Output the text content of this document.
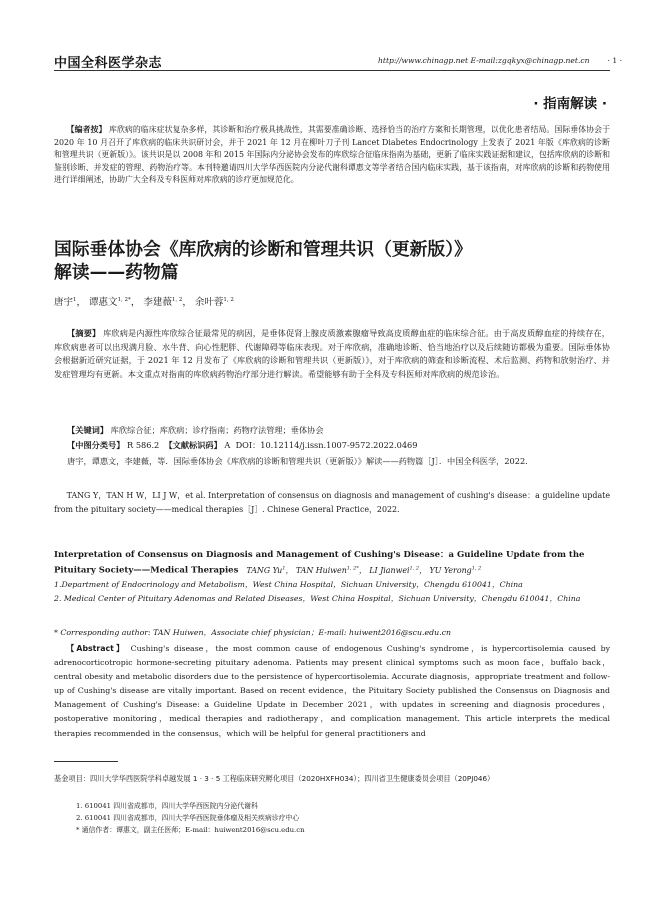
中国全科医学杂志	http://www.chinagp.net E-mail:zgqkyx@chinagp.net.cn · 1 ·
· 指南解读 ·
【编者按】 库欣病的临床症状复杂多样，其诊断和治疗极具挑战性，其需要准确诊断、选择恰当的治疗方案和长期管理，以优化患者结局。国际垂体协会于 2020 年 10 月召开了库欣病的临床共识研讨会，并于 2021 年 12 月在柳叶刀子刊 Lancet Diabetes Endocrinology 上发表了 2021 年版《库欣病的诊断和管理共识（更新版）》。该共识是以 2008 年和 2015 年国际内分泌协会发布的库欣综合征临床指南为基础，更新了临床实践证据和建议，包括库欣病的诊断和鉴别诊断、并发症的管理、药物治疗等。本刊特邀请四川大学华西医院内分泌代谢科谭惠文等学者结合国内临床实践，基于该指南，对库欣病的诊断和药物使用进行详细阐述，协助广大全科及专科医师对库欣病的诊疗更加规范化。
国际垂体协会《库欣病的诊断和管理共识（更新版）》
解读——药物篇
唐宇$^1$， 谭惠文$^{1, 2*}$， 李建薇$^{1, 2}$， 余叶蓉$^{1, 2}$
【摘要】 库欣病是内源性库欣综合征最常见的病因，是垂体促肾上腺皮质激素腺瘤导致高皮质醇血症的临床综合征。由于高皮质醇血症的持续存在，库欣病患者可以出现满月脸、水牛背、向心性肥胖、代谢障碍等临床表现。对于库欣病，准确地诊断、恰当地治疗以及后续随访都极为重要。国际垂体协会根据新近研究证据，于 2021 年 12 月发布了《库欣病的诊断和管理共识（更新版）》，对于库欣病的筛查和诊断流程、术后监测、药物和放射治疗、并发症管理均有更新。本文重点对指南的库欣病药物治疗部分进行解读。希望能够有助于全科及专科医师对库欣病的规范诊治。
【关键词】 库欣综合征；库欣病；诊疗指南；药物疗法管理；垂体协会
【中图分类号】 R 586.2 【文献标识码】 A DOI：10.12114/j.issn.1007-9572.2022.0469
唐宇，谭惠文，李建薇，等．国际垂体协会《库欣病的诊断和管理共识（更新版）》解读——药物篇［J］．中国全科医学，2022.
TANG Y，TAN H W，LI J W，et al. Interpretation of consensus on diagnosis and management of cushing's disease：a guideline update from the pituitary society——medical therapies［J］. Chinese General Practice，2022.
Interpretation of Consensus on Diagnosis and Management of Cushing's Disease：a Guideline Update from the Pituitary Society——Medical Therapies TANG Yu$^1$， TAN Huiwen$^{1, 2*}$， LI Jianwei$^{1, 2}$， YU Yerong$^{1, 2}$
1.Department of Endocrinology and Metabolism，West China Hospital，Sichuan University，Chengdu 610041，China
2. Medical Center of Pituitary Adenomas and Related Diseases，West China Hospital，Sichuan University，Chengdu 610041，China
* Corresponding author: TAN Huiwen，Associate chief physician；E-mail: huiwent2016@scu.edu.cn
【Abstract】 Cushing's disease，the most common cause of endogenous Cushing's syndrome，is hypercortisolemia caused by adrenocorticotropic hormone-secreting pituitary adenoma. Patients may present clinical symptoms such as moon face，buffalo back，central obesity and metabolic disorders due to the persistence of hypercortisolemia. Accurate diagnosis，appropriate treatment and follow-up of Cushing's disease are vitally important. Based on recent evidence，the Pituitary Society published the Consensus on Diagnosis and Management of Cushing's Disease: a Guideline Update in December 2021，with updates in screening and diagnosis procedures，postoperative monitoring，medical therapies and radiotherapy，and complication management. This article interprets the medical therapies recommended in the consensus，which will be helpful for general practitioners and
基金项目：四川大学华西医院学科卓越发展 1 · 3 · 5 工程临床研究孵化项目（2020HXFH034）；四川省卫生健康委员会项目（20PJ046）
1. 610041 四川省成都市，四川大学华西医院内分泌代谢科
2. 610041 四川省成都市，四川大学华西医院垂体瘤及相关疾病诊疗中心
* 通信作者：谭惠文，副主任医师；E-mail：huiwent2016@scu.edu.cn
